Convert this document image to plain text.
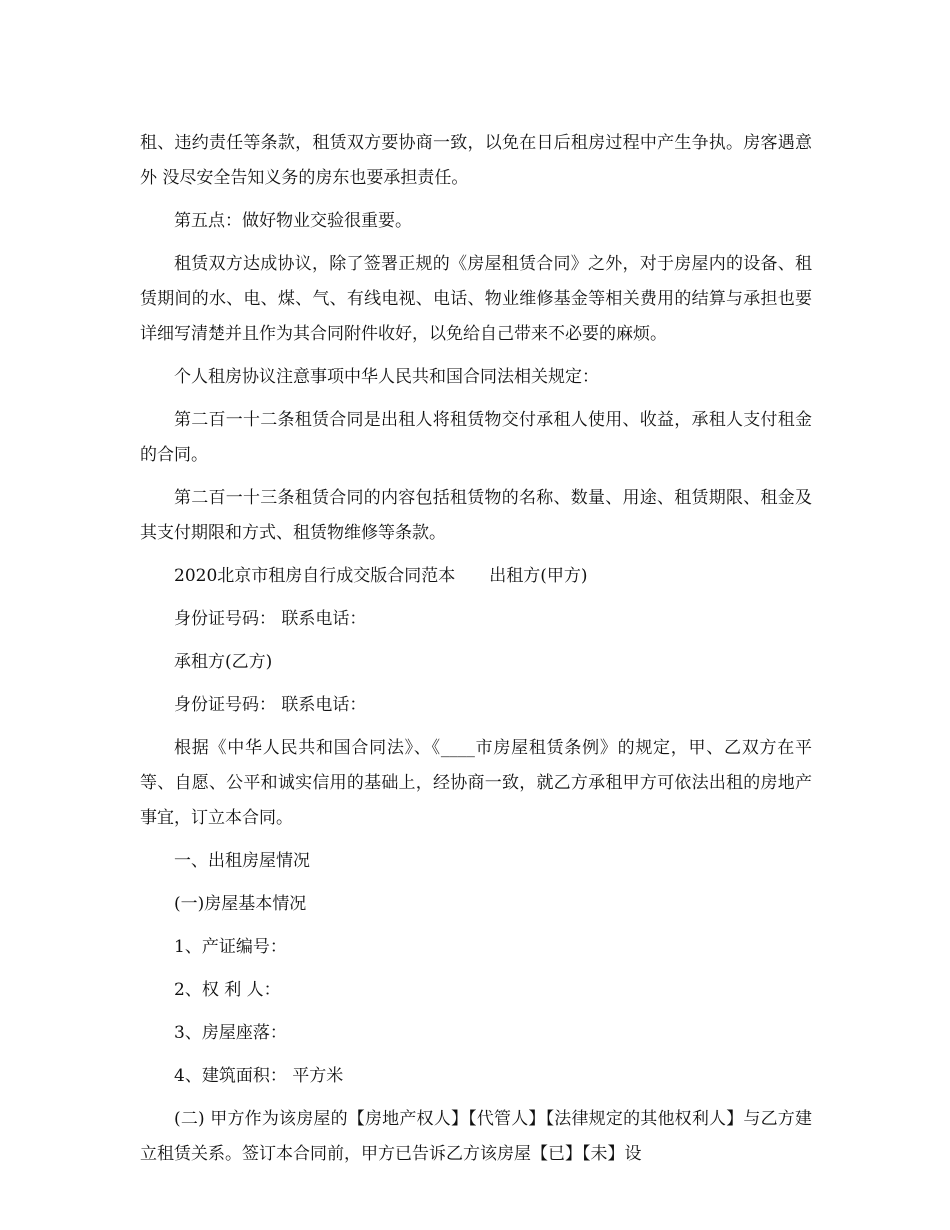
租、违约责任等条款，租赁双方要协商一致，以免在日后租房过程中产生争执。房客遇意外 没尽安全告知义务的房东也要承担责任。

第五点：做好物业交验很重要。

租赁双方达成协议，除了签署正规的《房屋租赁合同》之外，对于房屋内的设备、租赁期间的水、电、煤、气、有线电视、电话、物业维修基金等相关费用的结算与承担也要详细写清楚并且作为其合同附件收好，以免给自己带来不必要的麻烦。

个人租房协议注意事项中华人民共和国合同法相关规定：

第二百一十二条租赁合同是出租人将租赁物交付承租人使用、收益，承租人支付租金的合同。

第二百一十三条租赁合同的内容包括租赁物的名称、数量、用途、租赁期限、租金及其支付期限和方式、租赁物维修等条款。

2020北京市租房自行成交版合同范本　　出租方(甲方)

身份证号码： 联系电话：

承租方(乙方)

身份证号码： 联系电话：

根据《中华人民共和国合同法》、《____市房屋租赁条例》的规定，甲、乙双方在平等、自愿、公平和诚实信用的基础上，经协商一致，就乙方承租甲方可依法出租的房地产事宜，订立本合同。

一、出租房屋情况

(一)房屋基本情况

1、产证编号：

2、权 利 人：

3、房屋座落：

4、建筑面积： 平方米

(二) 甲方作为该房屋的【房地产权人】【代管人】【法律规定的其他权利人】与乙方建立租赁关系。签订本合同前，甲方已告诉乙方该房屋【已】【未】设
